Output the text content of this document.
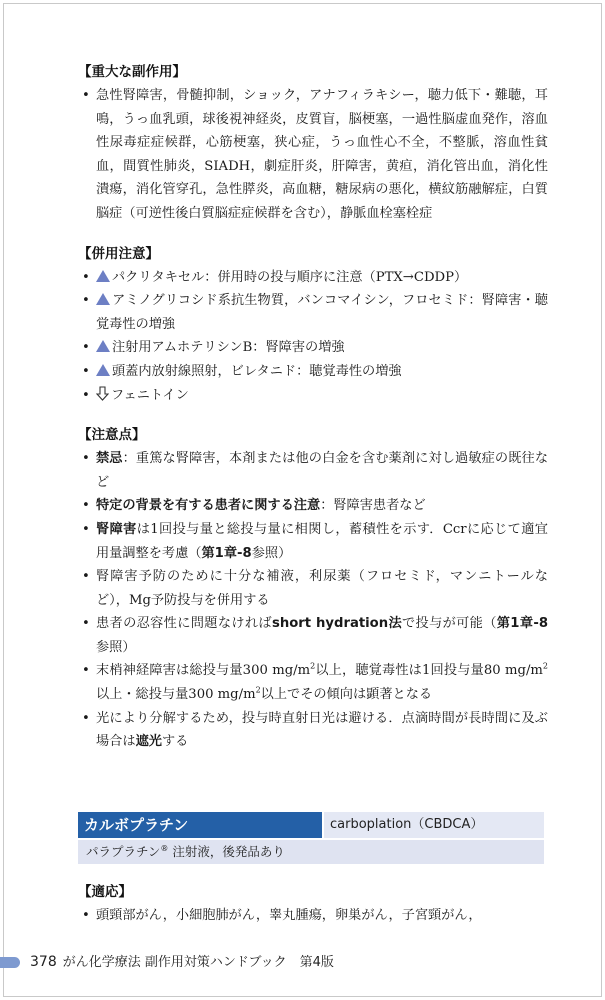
【重大な副作用】
• 急性腎障害，骨髄抑制，ショック，アナフィラキシー，聴力低下・難聴，耳鳴，うっ血乳頭，球後視神経炎，皮質盲，脳梗塞，一過性脳虚血発作，溶血性尿毒症症候群，心筋梗塞，狭心症，うっ血性心不全，不整脈，溶血性貧血，間質性肺炎，SIADH，劇症肝炎，肝障害，黄疸，消化管出血，消化性潰瘍，消化管穿孔，急性膵炎，高血糖，糖尿病の悪化，横紋筋融解症，白質脳症（可逆性後白質脳症症候群を含む），静脈血栓塞栓症
【併用注意】
• パクリタキセル：併用時の投与順序に注意（PTX→CDDP）
• アミノグリコシド系抗生物質，バンコマイシン，フロセミド：腎障害・聴覚毒性の増強
• 注射用アムホテリシンB：腎障害の増強
• 頭蓋内放射線照射，ビレタニド：聴覚毒性の増強
• フェニトイン
【注意点】
• 禁忌：重篤な腎障害，本剤または他の白金を含む薬剤に対し過敏症の既往など
• 特定の背景を有する患者に関する注意：腎障害患者など
• 腎障害は1回投与量と総投与量に相関し，蓄積性を示す．Ccrに応じて適宜用量調整を考慮（第1章-8参照）
• 腎障害予防のために十分な補液，利尿薬（フロセミド，マンニトールなど），Mg予防投与を併用する
• 患者の忍容性に問題なければshort hydration法で投与が可能（第1章-8参照）
• 末梢神経障害は総投与量300 $mg/m^2$以上，聴覚毒性は1回投与量80 $mg/m^2$以上・総投与量300 $mg/m^2$以上でその傾向は顕著となる
• 光により分解するため，投与時直射日光は避ける．点滴時間が長時間に及ぶ場合は遮光する
カルボプラチン	carboplation（CBDCA）
パラプラチン® 注射液，後発品あり
【適応】
• 頭頸部がん，小細胞肺がん，睾丸腫瘍，卵巣がん，子宮頸がん，
378 がん化学療法 副作用対策ハンドブック　第4版
